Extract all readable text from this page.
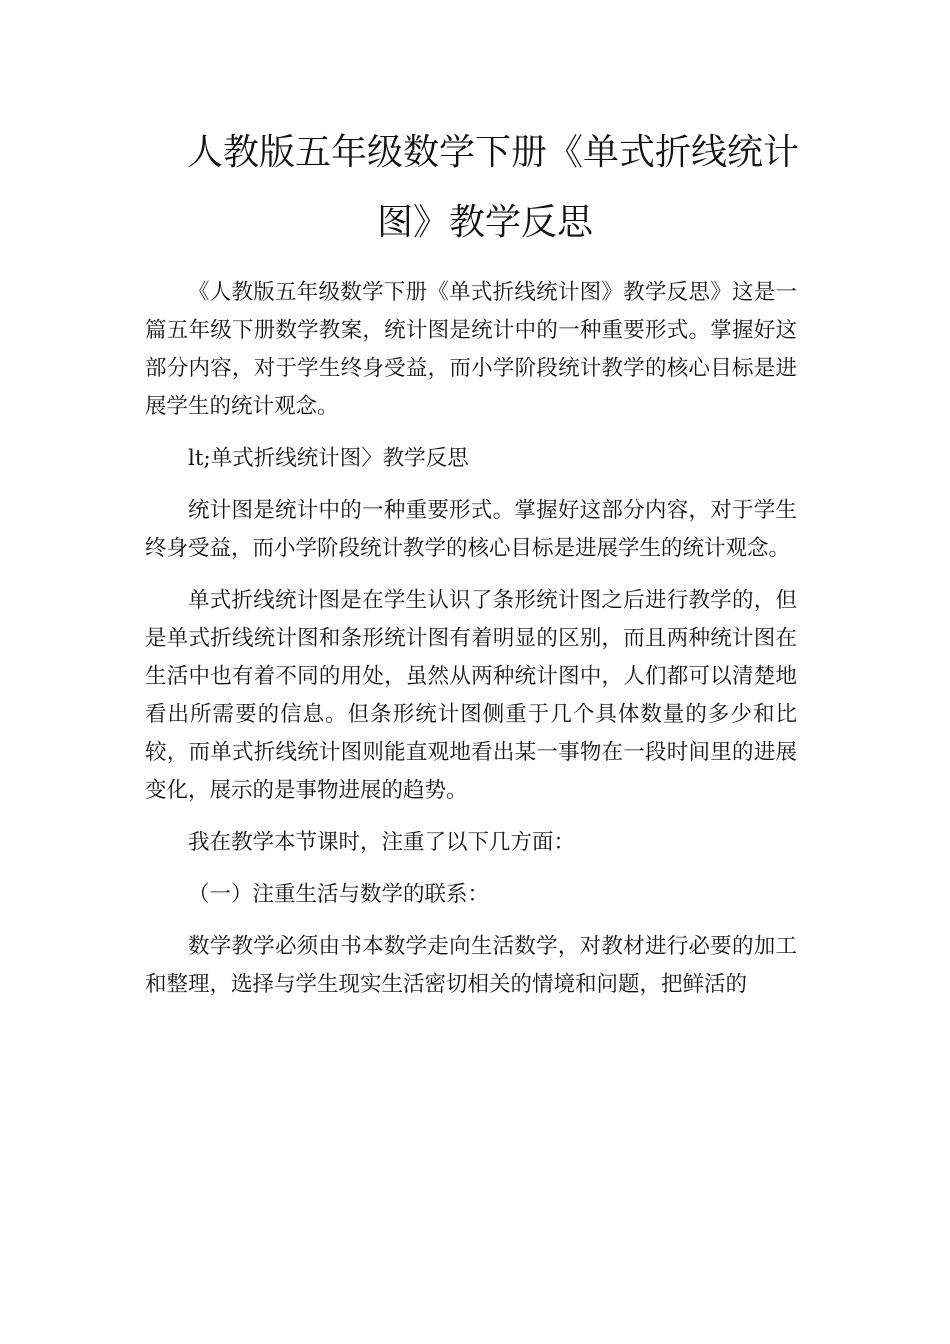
人教版五年级数学下册《单式折线统计
图》教学反思

《人教版五年级数学下册《单式折线统计图》教学反思》这是一篇五年级下册数学教案，统计图是统计中的一种重要形式。掌握好这部分内容，对于学生终身受益，而小学阶段统计教学的核心目标是进展学生的统计观念。

lt;单式折线统计图〉教学反思

统计图是统计中的一种重要形式。掌握好这部分内容，对于学生终身受益，而小学阶段统计教学的核心目标是进展学生的统计观念。

单式折线统计图是在学生认识了条形统计图之后进行教学的，但是单式折线统计图和条形统计图有着明显的区别，而且两种统计图在生活中也有着不同的用处，虽然从两种统计图中，人们都可以清楚地看出所需要的信息。但条形统计图侧重于几个具体数量的多少和比较，而单式折线统计图则能直观地看出某一事物在一段时间里的进展变化，展示的是事物进展的趋势。

我在教学本节课时，注重了以下几方面：

（一）注重生活与数学的联系：

数学教学必须由书本数学走向生活数学，对教材进行必要的加工和整理，选择与学生现实生活密切相关的情境和问题，把鲜活的
